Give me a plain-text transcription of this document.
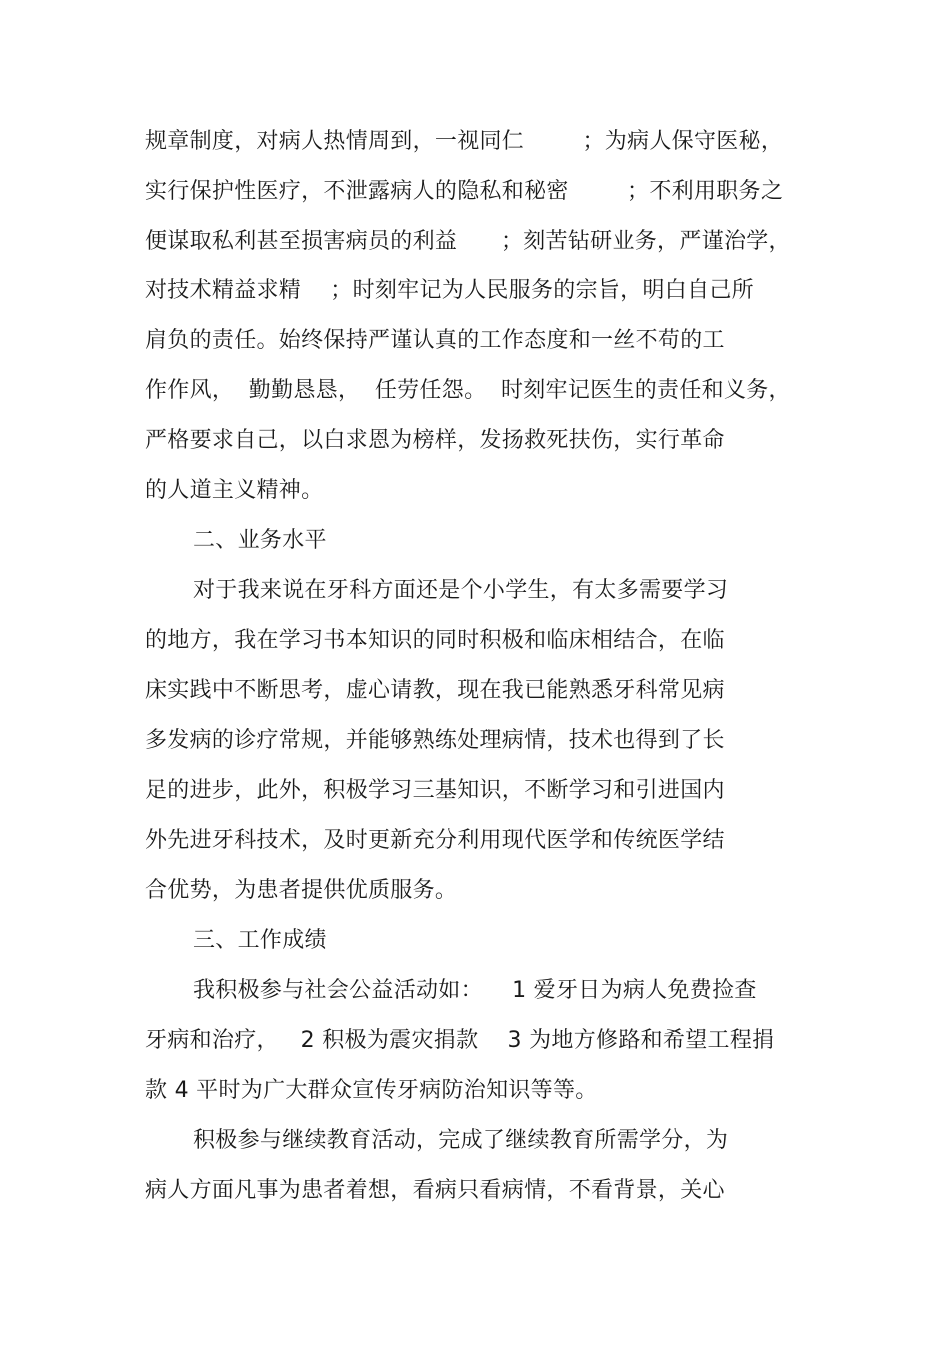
规章制度，对病人热情周到，一视同仁        ；为病人保守医秘，
实行保护性医疗，不泄露病人的隐私和秘密        ；不利用职务之
便谋取私利甚至损害病员的利益      ；刻苦钻研业务，严谨治学，
对技术精益求精    ；时刻牢记为人民服务的宗旨，明白自己所
肩负的责任。始终保持严谨认真的工作态度和一丝不苟的工
作作风，  勤勤恳恳，  任劳任怨。  时刻牢记医生的责任和义务，
严格要求自己，以白求恩为榜样，发扬救死扶伤，实行革命
的人道主义精神。
二、业务水平
对于我来说在牙科方面还是个小学生，有太多需要学习
的地方，我在学习书本知识的同时积极和临床相结合，在临
床实践中不断思考，虚心请教，现在我已能熟悉牙科常见病
多发病的诊疗常规，并能够熟练处理病情，技术也得到了长
足的进步，此外，积极学习三基知识，不断学习和引进国内
外先进牙科技术，及时更新充分利用现代医学和传统医学结
合优势，为患者提供优质服务。
三、工作成绩
我积极参与社会公益活动如：    1 爱牙日为病人免费捡查
牙病和治疗，   2 积极为震灾捐款    3 为地方修路和希望工程捐
款 4 平时为广大群众宣传牙病防治知识等等。
积极参与继续教育活动，完成了继续教育所需学分，为
病人方面凡事为患者着想，看病只看病情，不看背景，关心
